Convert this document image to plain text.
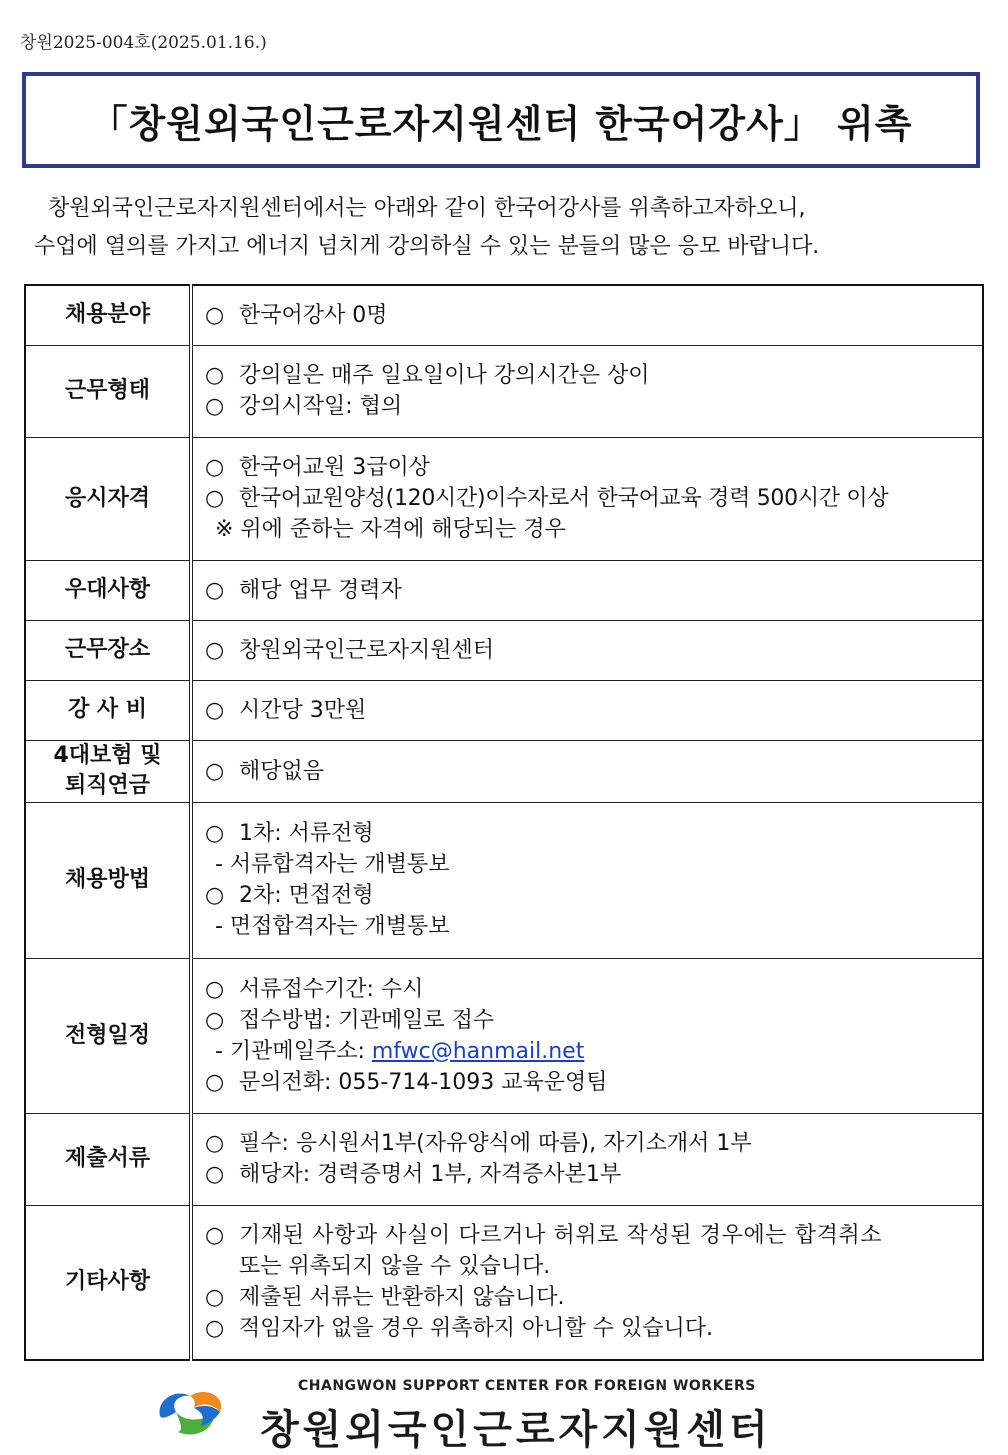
창원2025-004호(2025.01.16.)
「창원외국인근로자지원센터 한국어강사」 위촉
창원외국인근로자지원센터에서는 아래와 같이 한국어강사를 위촉하고자하오니,
수업에 열의를 가지고 에너지 넘치게 강의하실 수 있는 분들의 많은 응모 바랍니다.
채용분야	○ 한국어강사 0명

근무형태	○ 강의일은 매주 일요일이나 강의시간은 상이
○ 강의시작일: 협의

응시자격	○ 한국어교원 3급이상
○ 한국어교원양성(120시간)이수자로서 한국어교육 경력 500시간 이상
※ 위에 준하는 자격에 해당되는 경우

우대사항	○ 해당 업무 경력자

근무장소	○ 창원외국인근로자지원센터

강 사 비	○ 시간당 3만원

4대보험 및
퇴직연금	○ 해당없음

채용방법	○ 1차: 서류전형
- 서류합격자는 개별통보
○ 2차: 면접전형
- 면접합격자는 개별통보

전형일정	○ 서류접수기간: 수시
○ 접수방법: 기관메일로 접수
- 기관메일주소: mfwc@hanmail.net
○ 문의전화: 055-714-1093 교육운영팀

제출서류	○ 필수: 응시원서1부(자유양식에 따름), 자기소개서 1부
○ 해당자: 경력증명서 1부, 자격증사본1부

기타사항	○ 기재된 사항과 사실이 다르거나 허위로 작성된 경우에는 합격취소
또는 위촉되지 않을 수 있습니다.
○ 제출된 서류는 반환하지 않습니다.
○ 적임자가 없을 경우 위촉하지 아니할 수 있습니다.
CHANGWON SUPPORT CENTER FOR FOREIGN WORKERS
창원외국인근로자지원센터
